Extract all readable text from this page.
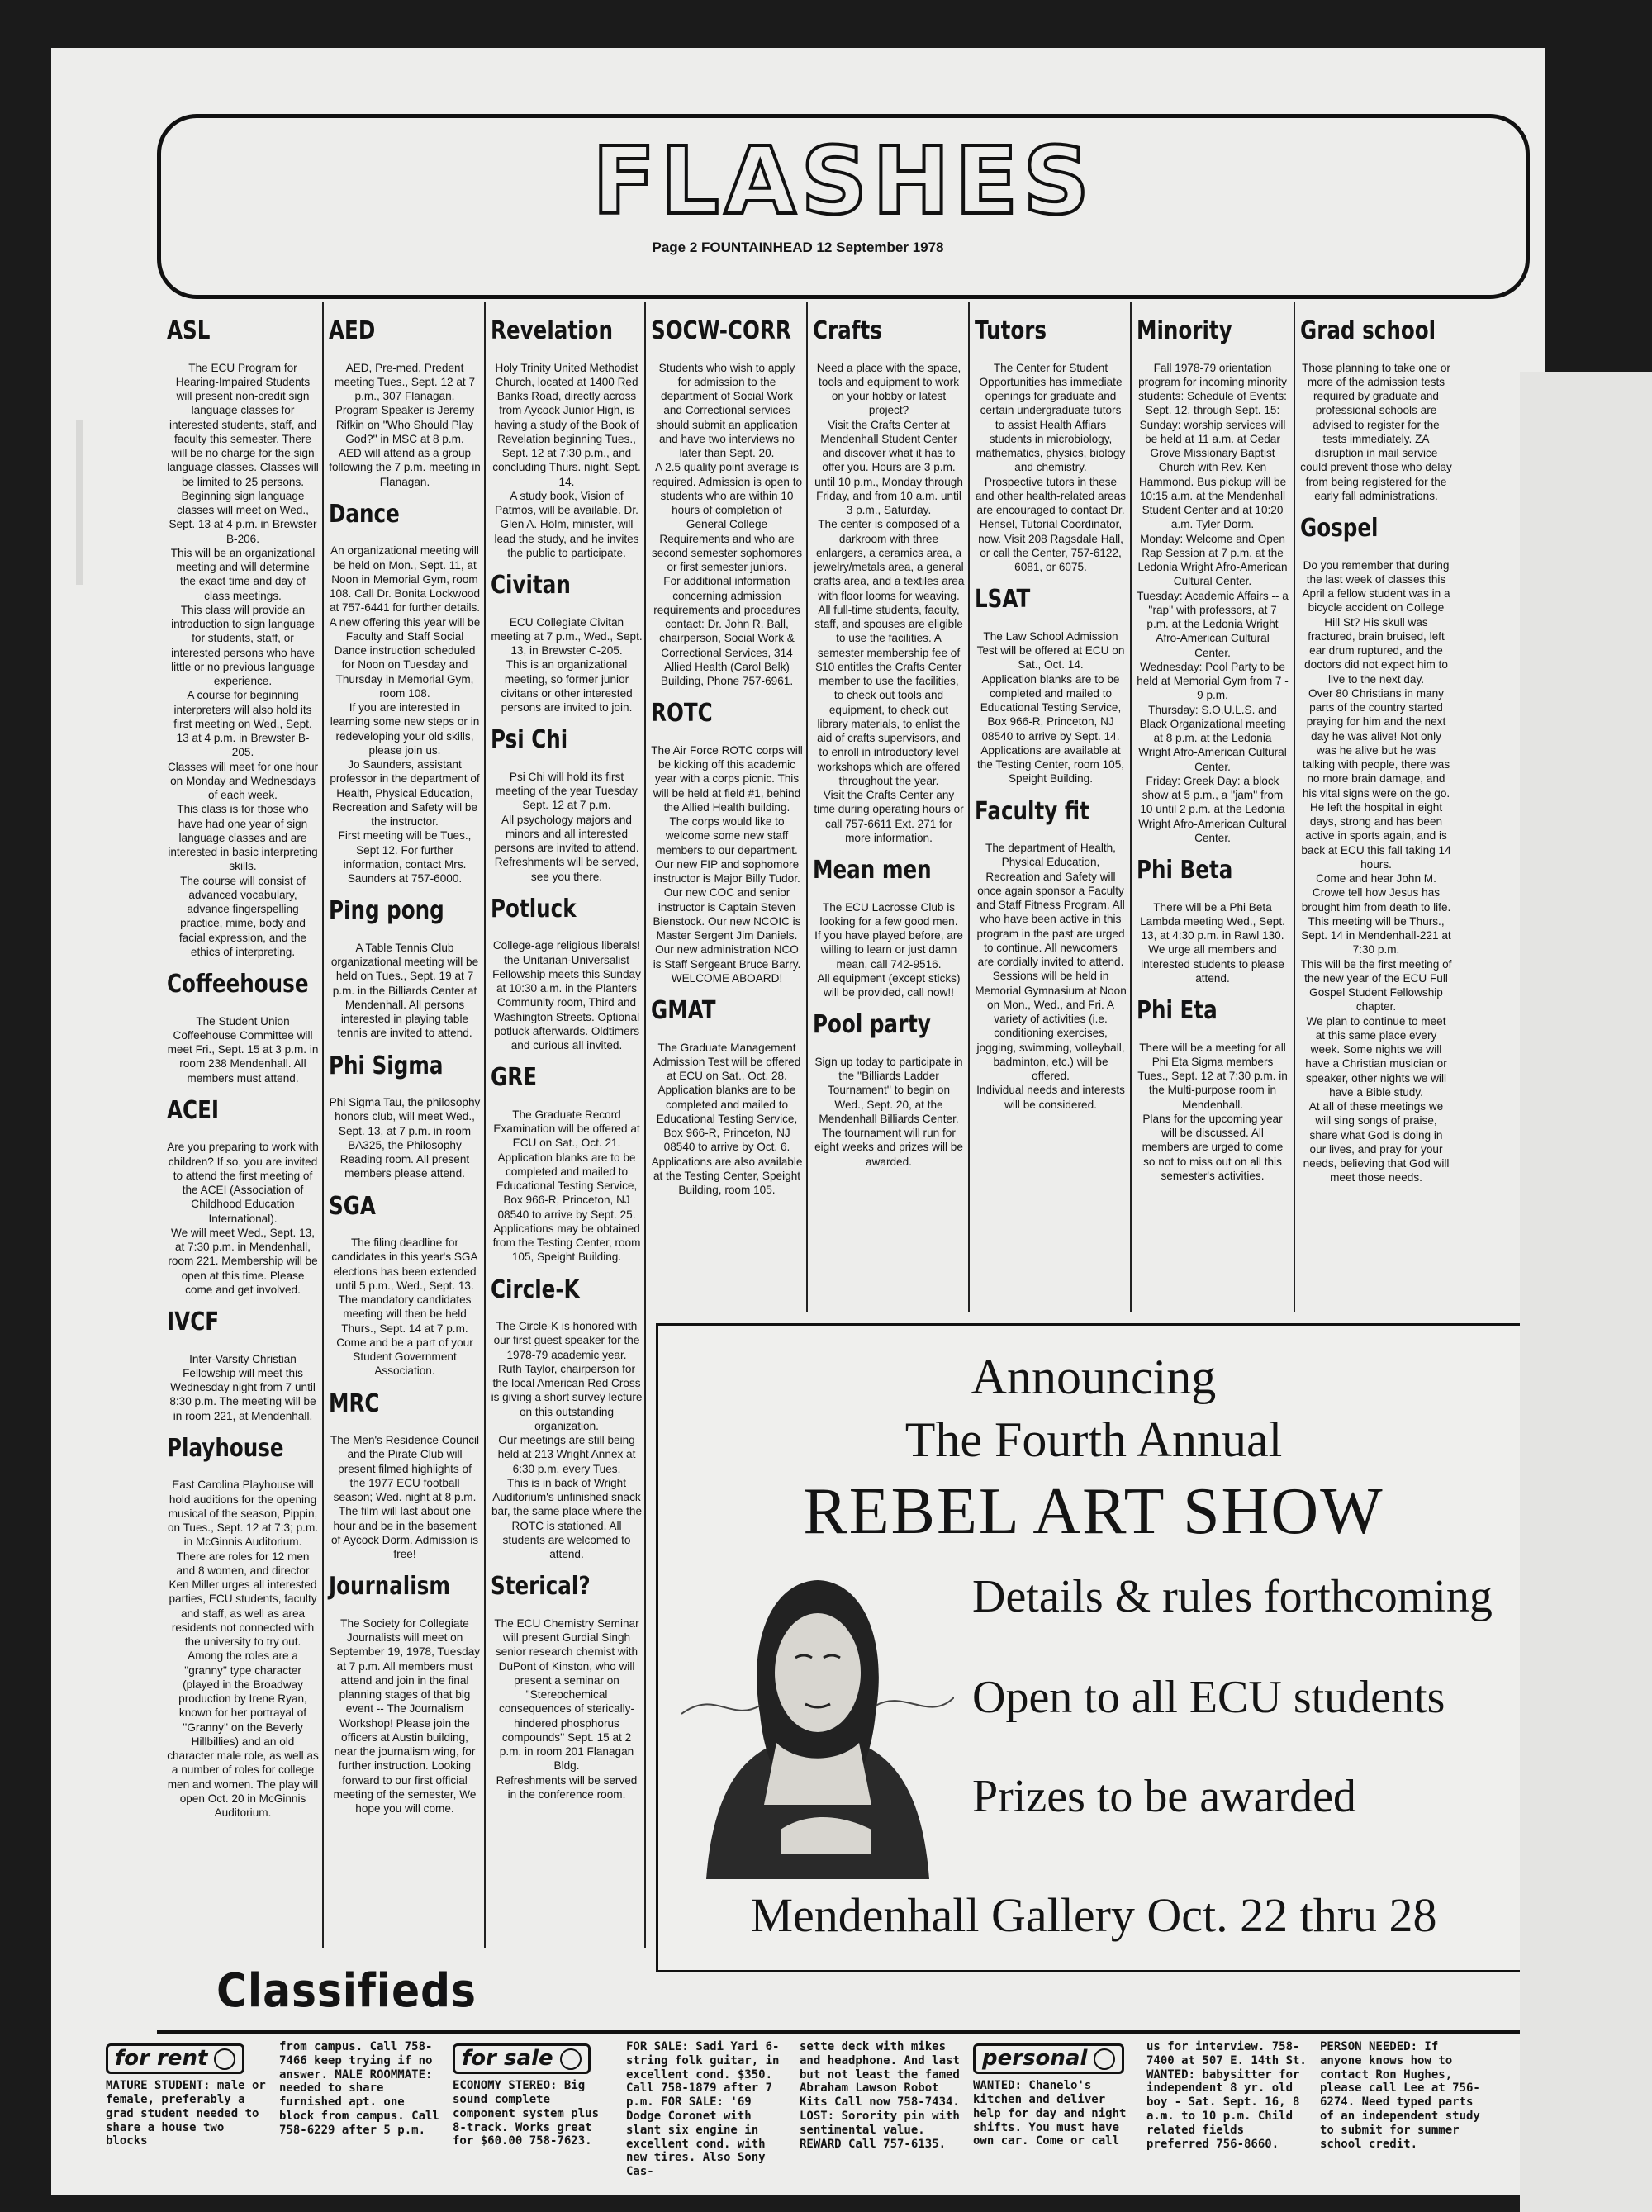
FLASHES
Page 2 FOUNTAINHEAD 12 September 1978
ASL

The ECU Program for Hearing-Impaired Students will present non-credit sign language classes for interested students, staff, and faculty this semester. There will be no charge for the sign language classes. Classes will be limited to 25 persons.

Beginning sign language classes will meet on Wed., Sept. 13 at 4 p.m. in Brewster B-206.

This will be an organizational meeting and will determine the exact time and day of class meetings.

This class will provide an introduction to sign language for students, staff, or interested persons who have little or no previous language experience.

A course for beginning interpreters will also hold its first meeting on Wed., Sept. 13 at 4 p.m. in Brewster B-205.

Classes will meet for one hour on Monday and Wednesdays of each week.

This class is for those who have had one year of sign language classes and are interested in basic interpreting skills.

The course will consist of advanced vocabulary, advance fingerspelling practice, mime, body and facial expression, and the ethics of interpreting.

Coffeehouse

The Student Union Coffeehouse Committee will meet Fri., Sept. 15 at 3 p.m. in room 238 Mendenhall. All members must attend.

ACEI

Are you preparing to work with children? If so, you are invited to attend the first meeting of the ACEI (Association of Childhood Education International).

We will meet Wed., Sept. 13, at 7:30 p.m. in Mendenhall, room 221. Membership will be open at this time. Please come and get involved.

IVCF

Inter-Varsity Christian Fellowship will meet this Wednesday night from 7 until 8:30 p.m. The meeting will be in room 221, at Mendenhall.

Playhouse

East Carolina Playhouse will hold auditions for the opening musical of the season, Pippin, on Tues., Sept. 12 at 7:3; p.m. in McGinnis Auditorium.

There are roles for 12 men and 8 women, and director Ken Miller urges all interested parties, ECU students, faculty and staff, as well as area residents not connected with the university to try out.

Among the roles are a ''granny'' type character (played in the Broadway production by Irene Ryan, known for her portrayal of ''Granny'' on the Beverly Hillbillies) and an old character male role, as well as a number of roles for college men and women. The play will open Oct. 20 in McGinnis Auditorium.

AED

AED, Pre-med, Predent meeting Tues., Sept. 12 at 7 p.m., 307 Flanagan.

Program Speaker is Jeremy Rifkin on ''Who Should Play God?'' in MSC at 8 p.m.

AED will attend as a group following the 7 p.m. meeting in Flanagan.

Dance

An organizational meeting will be held on Mon., Sept. 11, at Noon in Memorial Gym, room 108. Call Dr. Bonita Lockwood at 757-6441 for further details.

A new offering this year will be Faculty and Staff Social Dance instruction scheduled for Noon on Tuesday and Thursday in Memorial Gym, room 108.

If you are interested in learning some new steps or in redeveloping your old skills, please join us.

Jo Saunders, assistant professor in the department of Health, Physical Education, Recreation and Safety will be the instructor.

First meeting will be Tues., Sept 12. For further information, contact Mrs. Saunders at 757-6000.

Ping pong

A Table Tennis Club organizational meeting will be held on Tues., Sept. 19 at 7 p.m. in the Billiards Center at Mendenhall. All persons interested in playing table tennis are invited to attend.

Phi Sigma

Phi Sigma Tau, the philosophy honors club, will meet Wed., Sept. 13, at 7 p.m. in room BA325, the Philosophy Reading room. All present members please attend.

SGA

The filing deadline for candidates in this year's SGA elections has been extended until 5 p.m., Wed., Sept. 13.

The mandatory candidates meeting will then be held Thurs., Sept. 14 at 7 p.m.

Come and be a part of your Student Government Association.

MRC

The Men's Residence Council and the Pirate Club will present filmed highlights of the 1977 ECU football season; Wed. night at 8 p.m. The film will last about one hour and be in the basement of Aycock Dorm. Admission is free!

Journalism

The Society for Collegiate Journalists will meet on September 19, 1978, Tuesday at 7 p.m. All members must attend and join in the final planning stages of that big event -- The Journalism Workshop! Please join the officers at Austin building, near the journalism wing, for further instruction. Looking forward to our first official meeting of the semester, We hope you will come.

Revelation

Holy Trinity United Methodist Church, located at 1400 Red Banks Road, directly across from Aycock Junior High, is having a study of the Book of Revelation beginning Tues., Sept. 12 at 7:30 p.m., and concluding Thurs. night, Sept. 14.

A study book, Vision of Patmos, will be available. Dr. Glen A. Holm, minister, will lead the study, and he invites the public to participate.

Civitan

ECU Collegiate Civitan meeting at 7 p.m., Wed., Sept. 13, in Brewster C-205.

This is an organizational meeting, so former junior civitans or other interested persons are invited to join.

Psi Chi

Psi Chi will hold its first meeting of the year Tuesday Sept. 12 at 7 p.m.

All psychology majors and minors and all interested persons are invited to attend. Refreshments will be served, see you there.

Potluck

College-age religious liberals! the Unitarian-Universalist Fellowship meets this Sunday at 10:30 a.m. in the Planters Community room, Third and Washington Streets. Optional potluck afterwards. Oldtimers and curious all invited.

GRE

The Graduate Record Examination will be offered at ECU on Sat., Oct. 21.

Application blanks are to be completed and mailed to Educational Testing Service, Box 966-R, Princeton, NJ 08540 to arrive by Sept. 25. Applications may be obtained from the Testing Center, room 105, Speight Building.

Circle-K

The Circle-K is honored with our first guest speaker for the 1978-79 academic year.

Ruth Taylor, chairperson for the local American Red Cross is giving a short survey lecture on this outstanding organization.

Our meetings are still being held at 213 Wright Annex at 6:30 p.m. every Tues.

This is in back of Wright Auditorium's unfinished snack bar, the same place where the ROTC is stationed. All students are welcomed to attend.

Sterical?

The ECU Chemistry Seminar will present Gurdial Singh senior research chemist with DuPont of Kinston, who will present a seminar on ''Stereochemical consequences of sterically-hindered phosphorus compounds'' Sept. 15 at 2 p.m. in room 201 Flanagan Bldg.

Refreshments will be served in the conference room.

SOCW-CORR

Students who wish to apply for admission to the department of Social Work and Correctional services should submit an application and have two interviews no later than Sept. 20.

A 2.5 quality point average is required. Admission is open to students who are within 10 hours of completion of General College Requirements and who are second semester sophomores or first semester juniors.

For additional information concerning admission requirements and procedures contact: Dr. John R. Ball, chairperson, Social Work & Correctional Services, 314 Allied Health (Carol Belk) Building, Phone 757-6961.

ROTC

The Air Force ROTC corps will be kicking off this academic year with a corps picnic. This will be held at field #1, behind the Allied Health building.

The corps would like to welcome some new staff members to our department. Our new FIP and sophomore instructor is Major Billy Tudor. Our new COC and senior instructor is Captain Steven Bienstock. Our new NCOIC is Master Sergent Jim Daniels. Our new administration NCO is Staff Sergeant Bruce Barry. WELCOME ABOARD!

GMAT

The Graduate Management Admission Test will be offered at ECU on Sat., Oct. 28.

Application blanks are to be completed and mailed to Educational Testing Service, Box 966-R, Princeton, NJ 08540 to arrive by Oct. 6. Applications are also available at the Testing Center, Speight Building, room 105.

Crafts

Need a place with the space, tools and equipment to work on your hobby or latest project?

Visit the Crafts Center at Mendenhall Student Center and discover what it has to offer you. Hours are 3 p.m. until 10 p.m., Monday through Friday, and from 10 a.m. until 3 p.m., Saturday.

The center is composed of a darkroom with three enlargers, a ceramics area, a jewelry/metals area, a general crafts area, and a textiles area with floor looms for weaving.

All full-time students, faculty, staff, and spouses are eligible to use the facilities. A semester membership fee of $10 entitles the Crafts Center member to use the facilities, to check out tools and equipment, to check out library materials, to enlist the aid of crafts supervisors, and to enroll in introductory level workshops which are offered throughout the year.

Visit the Crafts Center any time during operating hours or call 757-6611 Ext. 271 for more information.

Mean men

The ECU Lacrosse Club is looking for a few good men.

If you have played before, are willing to learn or just damn mean, call 742-9516.

All equipment (except sticks) will be provided, call now!!

Pool party

Sign up today to participate in the ''Billiards Ladder Tournament'' to begin on Wed., Sept. 20, at the Mendenhall Billiards Center. The tournament will run for eight weeks and prizes will be awarded.

Tutors

The Center for Student Opportunities has immediate openings for graduate and certain undergraduate tutors to assist Health Affiars students in microbiology, mathematics, physics, biology and chemistry.

Prospective tutors in these and other health-related areas are encouraged to contact Dr. Hensel, Tutorial Coordinator, now. Visit 208 Ragsdale Hall, or call the Center, 757-6122, 6081, or 6075.

LSAT

The Law School Admission Test will be offered at ECU on Sat., Oct. 14.

Application blanks are to be completed and mailed to Educational Testing Service, Box 966-R, Princeton, NJ 08540 to arrive by Sept. 14. Applications are available at the Testing Center, room 105, Speight Building.

Faculty fit

The department of Health, Physical Education, Recreation and Safety will once again sponsor a Faculty and Staff Fitness Program. All who have been active in this program in the past are urged to continue. All newcomers are cordially invited to attend.

Sessions will be held in Memorial Gymnasium at Noon on Mon., Wed., and Fri. A variety of activities (i.e. conditioning exercises, jogging, swimming, volleyball, badminton, etc.) will be offered.

Individual needs and interests will be considered.

Minority

Fall 1978-79 orientation program for incoming minority students: Schedule of Events: Sept. 12, through Sept. 15:

Sunday: worship services will be held at 11 a.m. at Cedar Grove Missionary Baptist Church with Rev. Ken Hammond. Bus pickup will be 10:15 a.m. at the Mendenhall Student Center and at 10:20 a.m. Tyler Dorm.

Monday: Welcome and Open Rap Session at 7 p.m. at the Ledonia Wright Afro-American Cultural Center.

Tuesday: Academic Affairs -- a ''rap'' with professors, at 7 p.m. at the Ledonia Wright Afro-American Cultural Center.

Wednesday: Pool Party to be held at Memorial Gym from 7 - 9 p.m.

Thursday: S.O.U.L.S. and Black Organizational meeting at 8 p.m. at the Ledonia Wright Afro-American Cultural Center.

Friday: Greek Day: a block show at 5 p.m., a ''jam'' from 10 until 2 p.m. at the Ledonia Wright Afro-American Cultural Center.

Phi Beta

There will be a Phi Beta Lambda meeting Wed., Sept. 13, at 4:30 p.m. in Rawl 130.

We urge all members and interested students to please attend.

Phi Eta

There will be a meeting for all Phi Eta Sigma members Tues., Sept. 12 at 7:30 p.m. in the Multi-purpose room in Mendenhall.

Plans for the upcoming year will be discussed. All members are urged to come so not to miss out on all this semester's activities.

Grad school

Those planning to take one or more of the admission tests required by graduate and professional schools are advised to register for the tests immediately. ZA disruption in mail service could prevent those who delay from being registered for the early fall administrations.

Gospel

Do you remember that during the last week of classes this April a fellow student was in a bicycle accident on College Hill St? His skull was fractured, brain bruised, left ear drum ruptured, and the doctors did not expect him to live to the next day.

Over 80 Christians in many parts of the country started praying for him and the next day he was alive! Not only was he alive but he was talking with people, there was no more brain damage, and his vital signs were on the go. He left the hospital in eight days, strong and has been active in sports again, and is back at ECU this fall taking 14 hours.

Come and hear John M. Crowe tell how Jesus has brought him from death to life. This meeting will be Thurs., Sept. 14 in Mendenhall-221 at 7:30 p.m.

This will be the first meeting of the new year of the ECU Full Gospel Student Fellowship chapter.

We plan to continue to meet at this same place every week. Some nights we will have a Christian musician or speaker, other nights we will have a Bible study.

At all of these meetings we will sing songs of praise, share what God is doing in our lives, and pray for your needs, believing that God will meet those needs.

Announcing
The Fourth Annual
REBEL ART SHOW
Details & rules forthcoming
Open to all ECU students
Prizes to be awarded
Mendenhall Gallery Oct. 22 thru 28
Classifieds
for rent

MATURE STUDENT: male or female, preferably a grad student needed to share a house two blocks

from campus. Call 758-7466 keep trying if no answer. MALE ROOMMATE: needed to share furnished apt. one block from campus. Call 758-6229 after 5 p.m.

for sale

ECONOMY STEREO: Big sound complete component system plus 8-track. Works great for $60.00 758-7623.

FOR SALE: Sadi Yari 6-string folk guitar, in excellent cond. $350. Call 758-1879 after 7 p.m. FOR SALE: '69 Dodge Coronet with slant six engine in excellent cond. with new tires. Also Sony Cas-

sette deck with mikes and headphone. And last but not least the famed Abraham Lawson Robot Kits Call now 758-7434. LOST: Sorority pin with sentimental value. REWARD Call 757-6135.

personal

WANTED: Chanelo's kitchen and deliver help for day and night shifts. You must have own car. Come or call

us for interview. 758-7400 at 507 E. 14th St. WANTED: babysitter for independent 8 yr. old boy - Sat. Sept. 16, 8 a.m. to 10 p.m. Child related fields preferred 756-8660.

PERSON NEEDED: If anyone knows how to contact Ron Hughes, please call Lee at 756-6274. Need typed parts of an independent study to submit for summer school credit.
